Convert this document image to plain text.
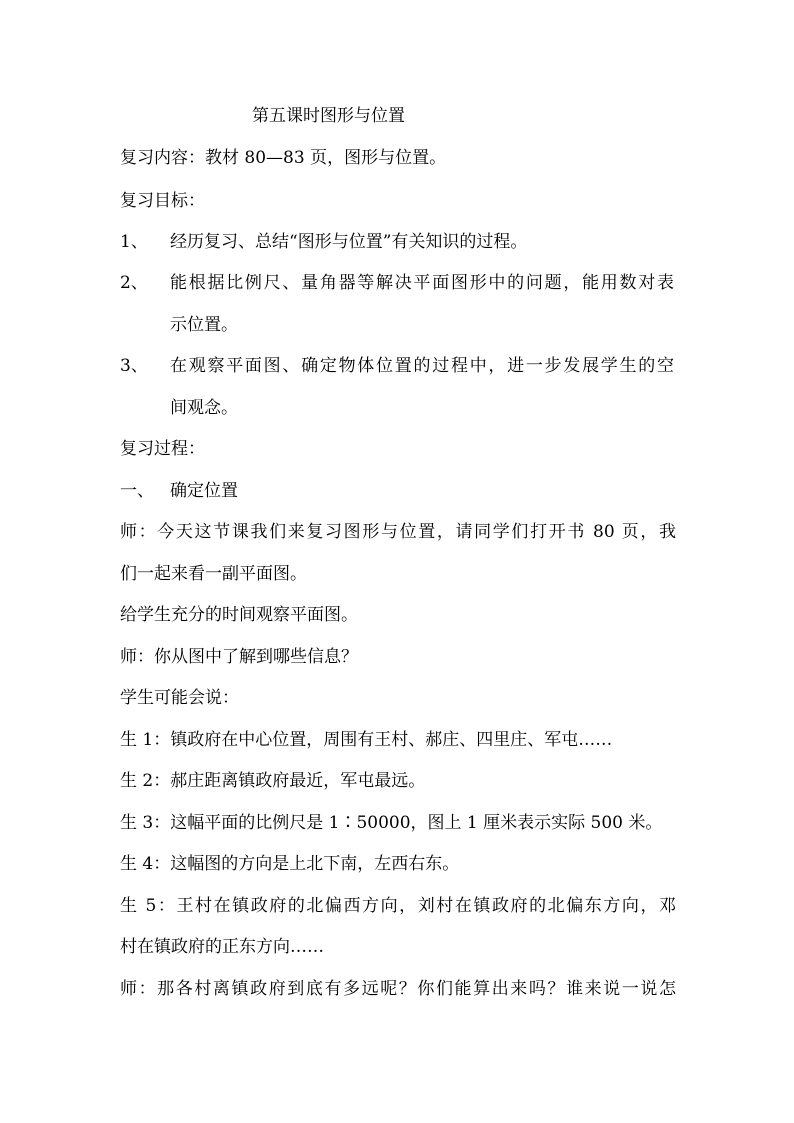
第五课时图形与位置
复习内容：教材 80—83 页，图形与位置。
复习目标：
1、 经历复习、总结“图形与位置”有关知识的过程。
2、 能根据比例尺、量角器等解决平面图形中的问题，能用数对表
示位置。
3、 在观察平面图、确定物体位置的过程中，进一步发展学生的空
间观念。
复习过程：
一、 确定位置
师：今天这节课我们来复习图形与位置，请同学们打开书 80 页，我
们一起来看一副平面图。
给学生充分的时间观察平面图。
师：你从图中了解到哪些信息？
学生可能会说：
生 1：镇政府在中心位置，周围有王村、郝庄、四里庄、军屯……
生 2：郝庄距离镇政府最近，军屯最远。
生 3：这幅平面的比例尺是 1∶50000，图上 1 厘米表示实际 500 米。
生 4：这幅图的方向是上北下南，左西右东。
生 5：王村在镇政府的北偏西方向，刘村在镇政府的北偏东方向，邓
村在镇政府的正东方向……
师：那各村离镇政府到底有多远呢？你们能算出来吗？谁来说一说怎
